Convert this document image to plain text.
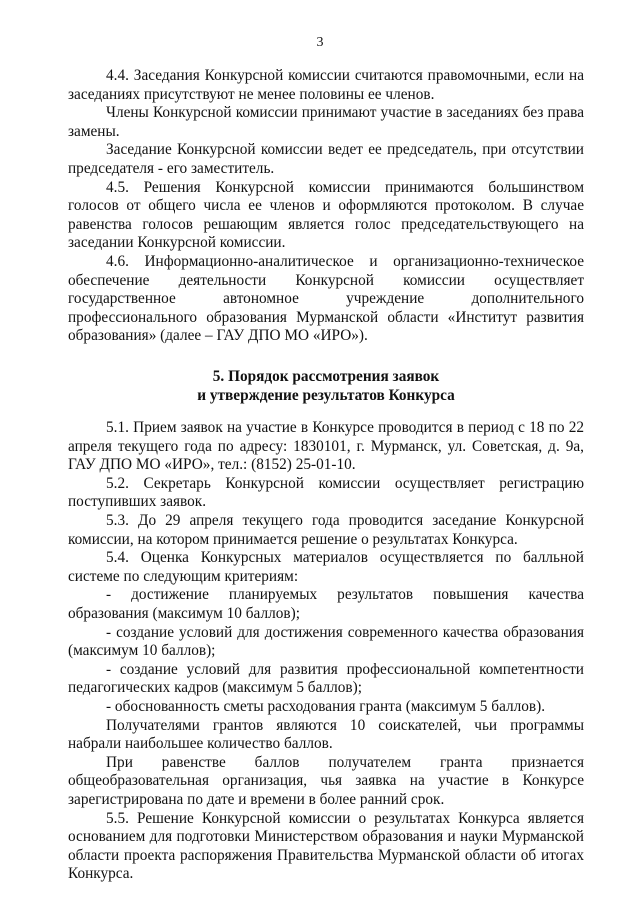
3

4.4. Заседания Конкурсной комиссии считаются правомочными, если на заседаниях присутствуют не менее половины ее членов.

Члены Конкурсной комиссии принимают участие в заседаниях без права замены.

Заседание Конкурсной комиссии ведет ее председатель, при отсутствии председателя - его заместитель.

4.5. Решения Конкурсной комиссии принимаются большинством голосов от общего числа ее членов и оформляются протоколом. В случае равенства голосов решающим является голос председательствующего на заседании Конкурсной комиссии.

4.6. Информационно-аналитическое и организационно-техническое обеспечение деятельности Конкурсной комиссии осуществляет государственное автономное учреждение дополнительного профессионального образования Мурманской области «Институт развития образования» (далее – ГАУ ДПО МО «ИРО»).

5. Порядок рассмотрения заявок
и утверждение результатов Конкурса

5.1. Прием заявок на участие в Конкурсе проводится в период с 18 по 22 апреля текущего года по адресу: 1830101, г. Мурманск, ул. Советская, д. 9а, ГАУ ДПО МО «ИРО», тел.: (8152) 25-01-10.

5.2. Секретарь Конкурсной комиссии осуществляет регистрацию поступивших заявок.

5.3. До 29 апреля текущего года проводится заседание Конкурсной комиссии, на котором принимается решение о результатах Конкурса.

5.4. Оценка Конкурсных материалов осуществляется по балльной системе по следующим критериям:

- достижение планируемых результатов повышения качества образования (максимум 10 баллов);

- создание условий для достижения современного качества образования (максимум 10 баллов);

- создание условий для развития профессиональной компетентности педагогических кадров (максимум 5 баллов);

- обоснованность сметы расходования гранта (максимум 5 баллов).

Получателями грантов являются 10 соискателей, чьи программы набрали наибольшее количество баллов.

При равенстве баллов получателем гранта признается общеобразовательная организация, чья заявка на участие в Конкурсе зарегистрирована по дате и времени в более ранний срок.

5.5. Решение Конкурсной комиссии о результатах Конкурса является основанием для подготовки Министерством образования и науки Мурманской области проекта распоряжения Правительства Мурманской области об итогах Конкурса.
